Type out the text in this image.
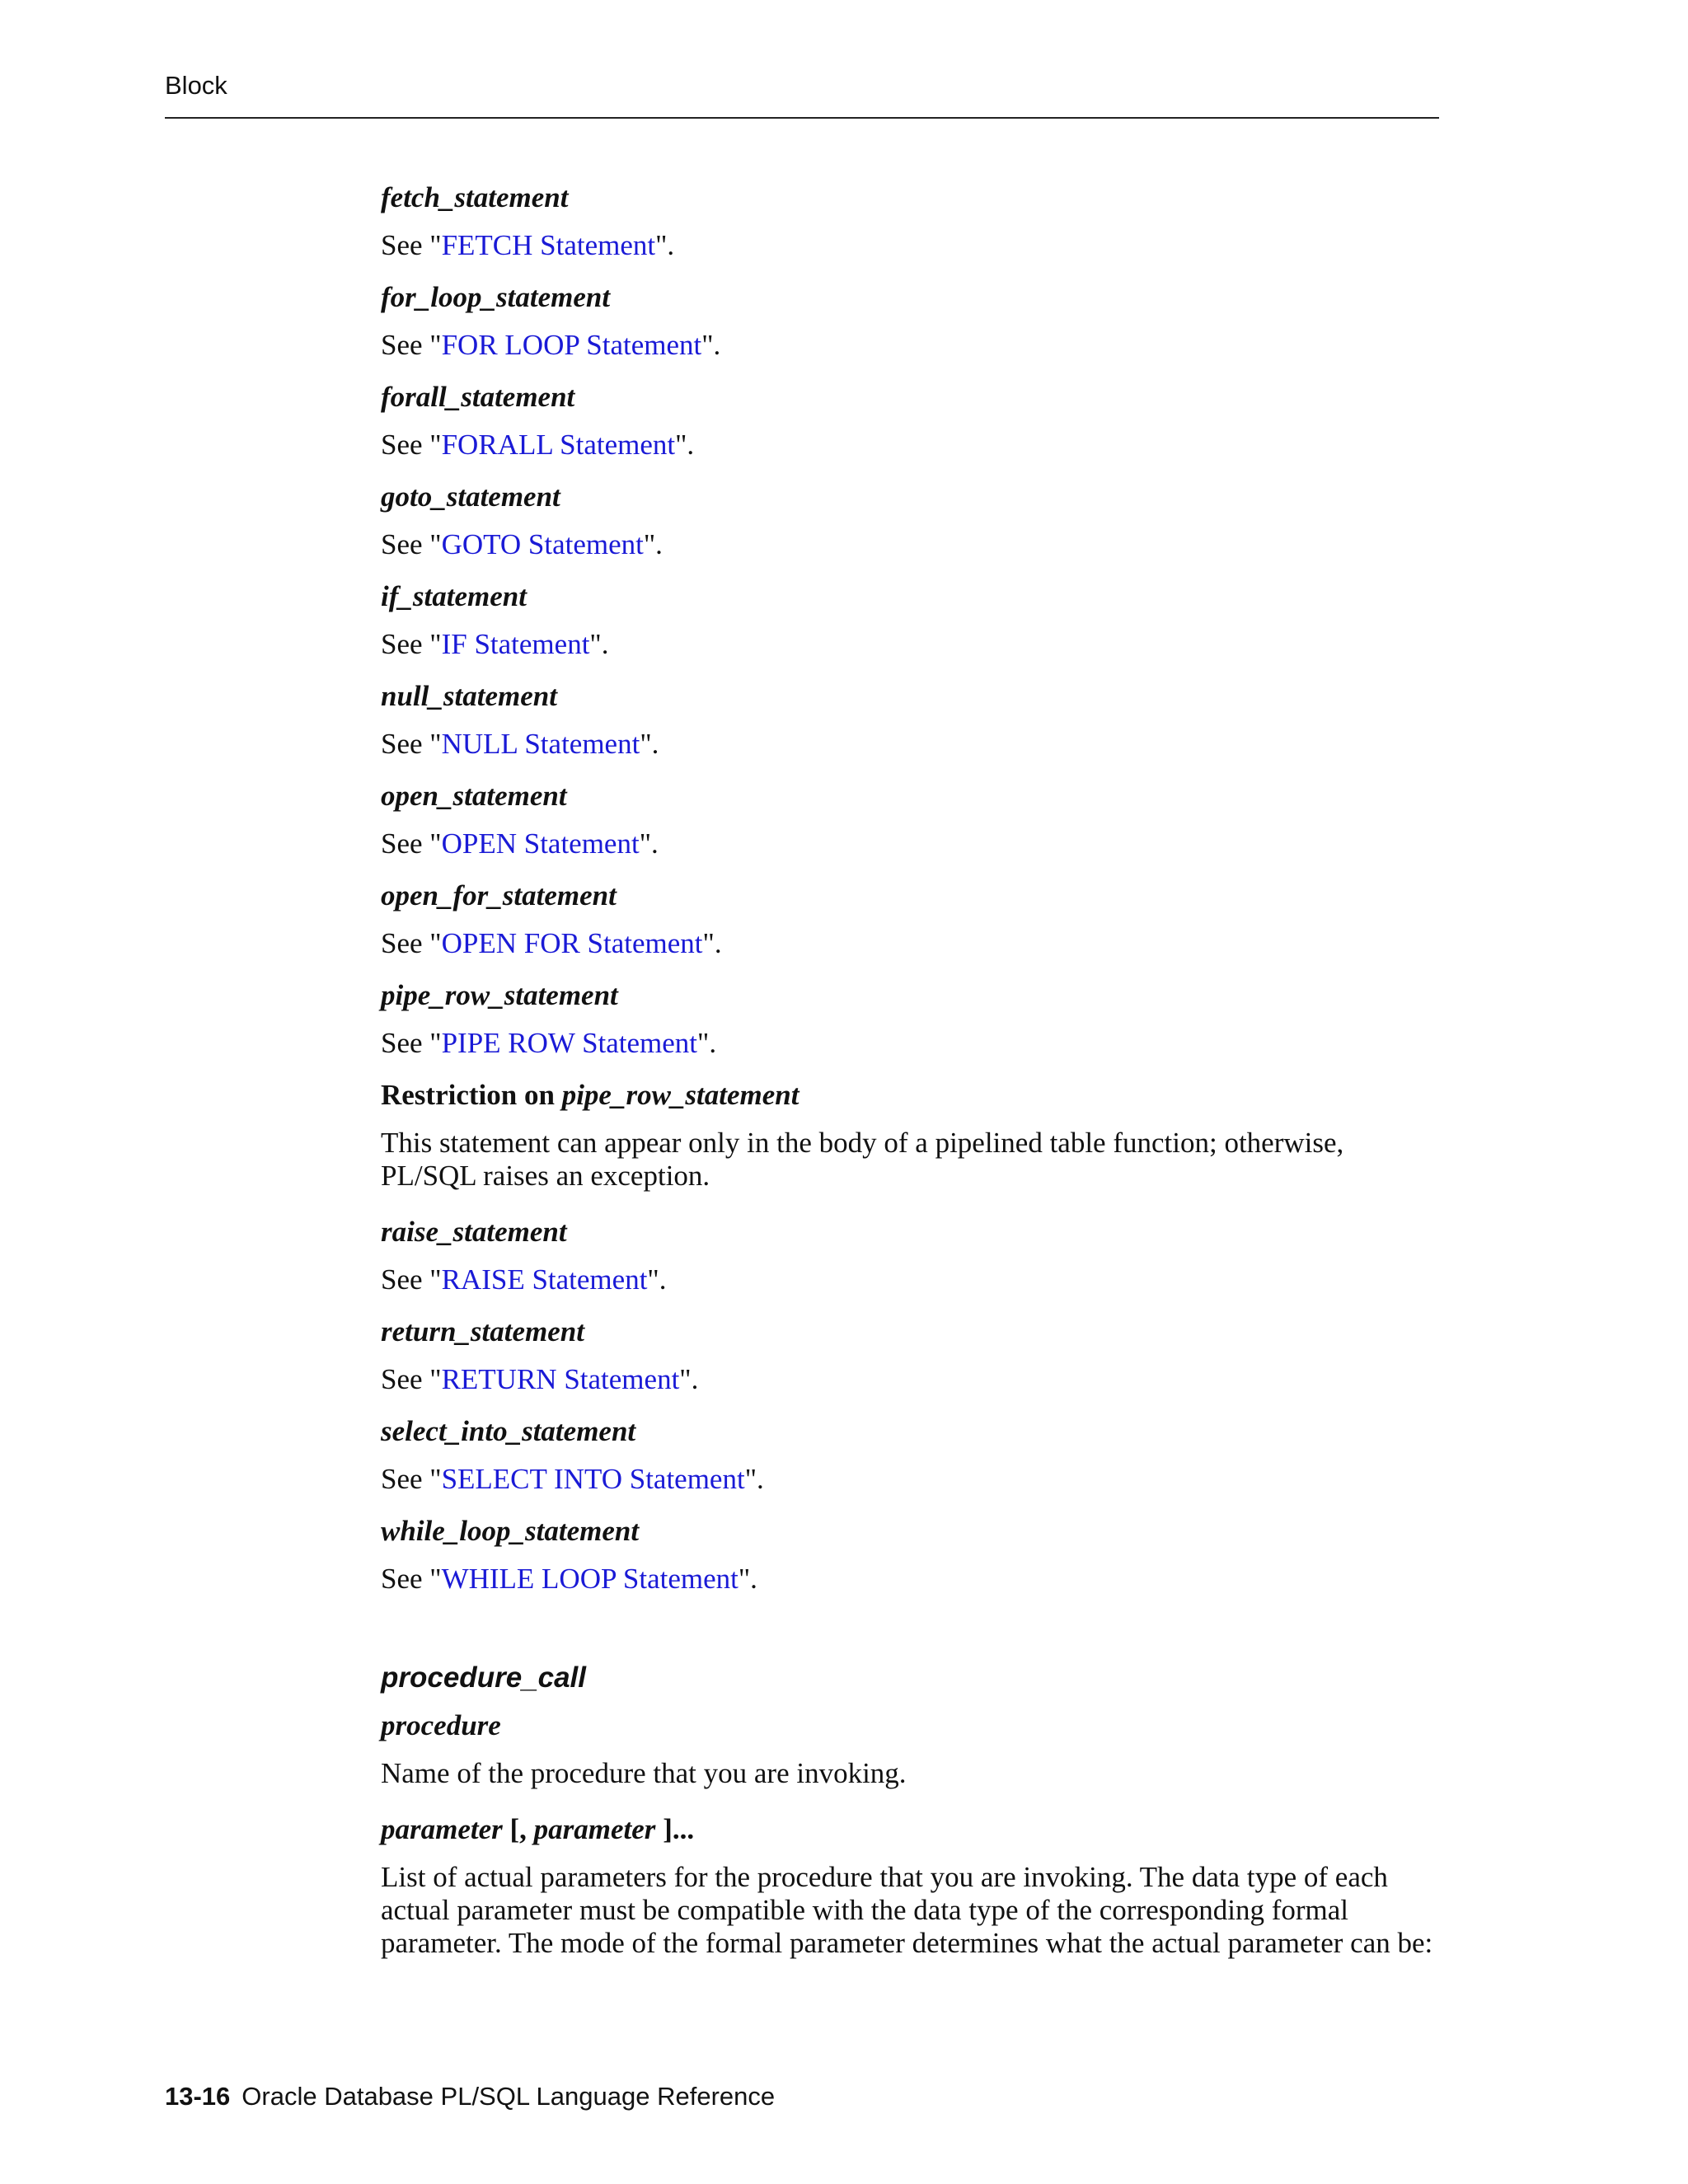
Block

fetch_statement

See "FETCH Statement".

for_loop_statement

See "FOR LOOP Statement".

forall_statement

See "FORALL Statement".

goto_statement

See "GOTO Statement".

if_statement

See "IF Statement".

null_statement

See "NULL Statement".

open_statement

See "OPEN Statement".

open_for_statement

See "OPEN FOR Statement".

pipe_row_statement

See "PIPE ROW Statement".

Restriction on pipe_row_statement

This statement can appear only in the body of a pipelined table function; otherwise, PL/SQL raises an exception.

raise_statement

See "RAISE Statement".

return_statement

See "RETURN Statement".

select_into_statement

See "SELECT INTO Statement".

while_loop_statement

See "WHILE LOOP Statement".

procedure_call

procedure

Name of the procedure that you are invoking.

parameter [, parameter ]...

List of actual parameters for the procedure that you are invoking. The data type of each actual parameter must be compatible with the data type of the corresponding formal parameter. The mode of the formal parameter determines what the actual parameter can be:

13-16 Oracle Database PL/SQL Language Reference
